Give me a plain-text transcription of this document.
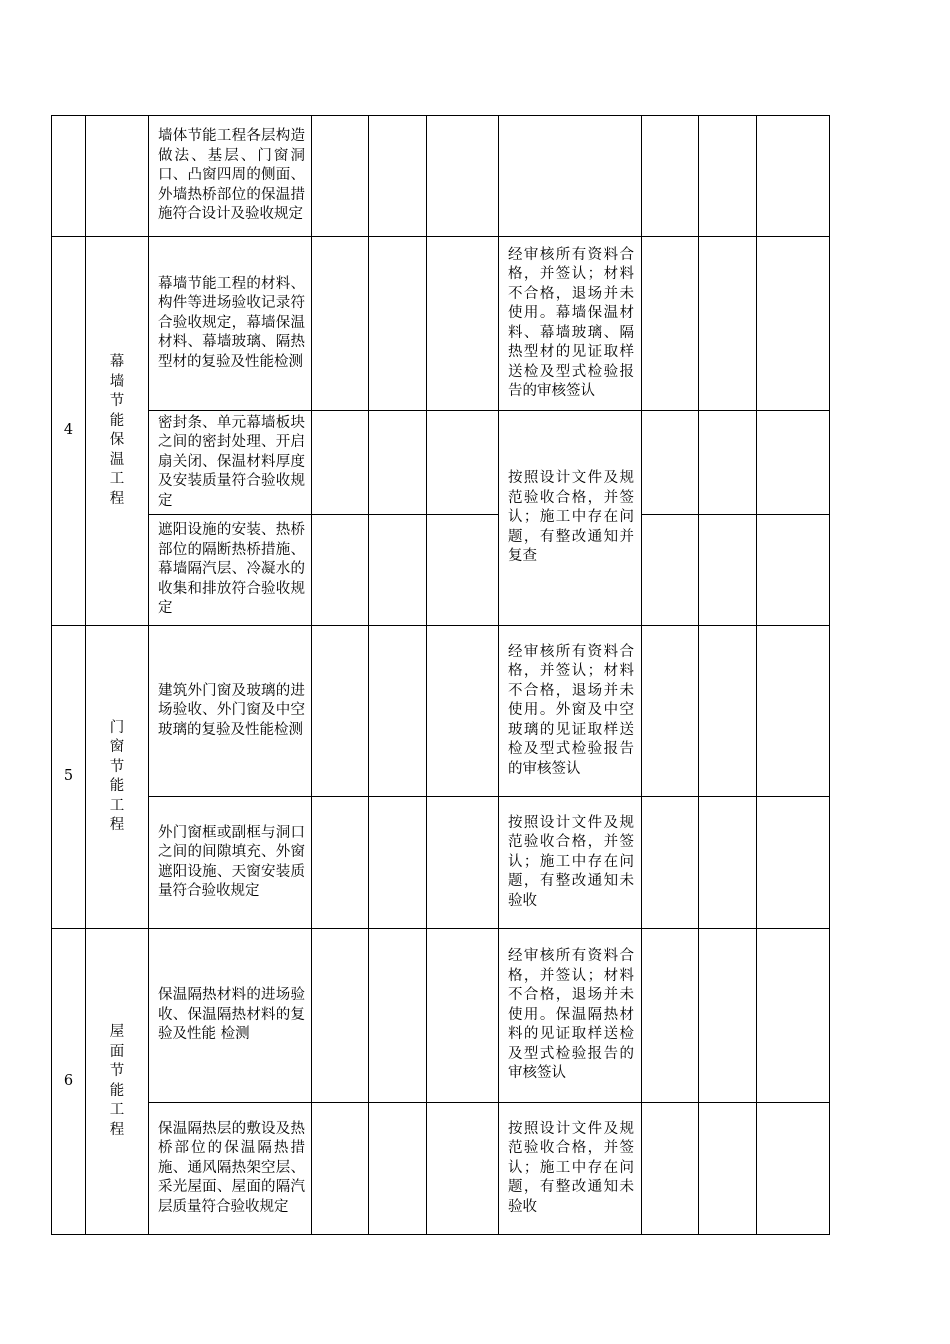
		墙体节能工程各层构造做法、基层、门窗洞口、凸窗四周的侧面、外墙热桥部位的保温措施符合设计及验收规定							
4	幕墙节能保温工程	幕墙节能工程的材料、构件等进场验收记录符合验收规定，幕墙保温材料、幕墙玻璃、隔热型材的复验及性能检测				经审核所有资料合格，并签认；材料不合格，退场并未使用。幕墙保温材料、幕墙玻璃、隔热型材的见证取样送检及型式检验报告的审核签认			
		密封条、单元幕墙板块之间的密封处理、开启扇关闭、保温材料厚度及安装质量符合验收规定				按照设计文件及规范验收合格，并签认；施工中存在问题，有整改通知并复查			
		遮阳设施的安装、热桥部位的隔断热桥措施、幕墙隔汽层、冷凝水的收集和排放符合验收规定							
5	门窗节能工程	建筑外门窗及玻璃的进场验收、外门窗及中空玻璃的复验及性能检测				经审核所有资料合格，并签认；材料不合格，退场并未使用。外窗及中空玻璃的见证取样送检及型式检验报告的审核签认			
		外门窗框或副框与洞口之间的间隙填充、外窗遮阳设施、天窗安装质量符合验收规定				按照设计文件及规范验收合格，并签认；施工中存在问题，有整改通知未验收			
6	屋面节能工程	保温隔热材料的进场验收、保温隔热材料的复验及性能 检测				经审核所有资料合格，并签认；材料不合格，退场并未使用。保温隔热材料的见证取样送检及型式检验报告的审核签认			
		保温隔热层的敷设及热桥部位的保温隔热措施、通风隔热架空层、采光屋面、屋面的隔汽层质量符合验收规定				按照设计文件及规范验收合格，并签认；施工中存在问题，有整改通知未验收			
